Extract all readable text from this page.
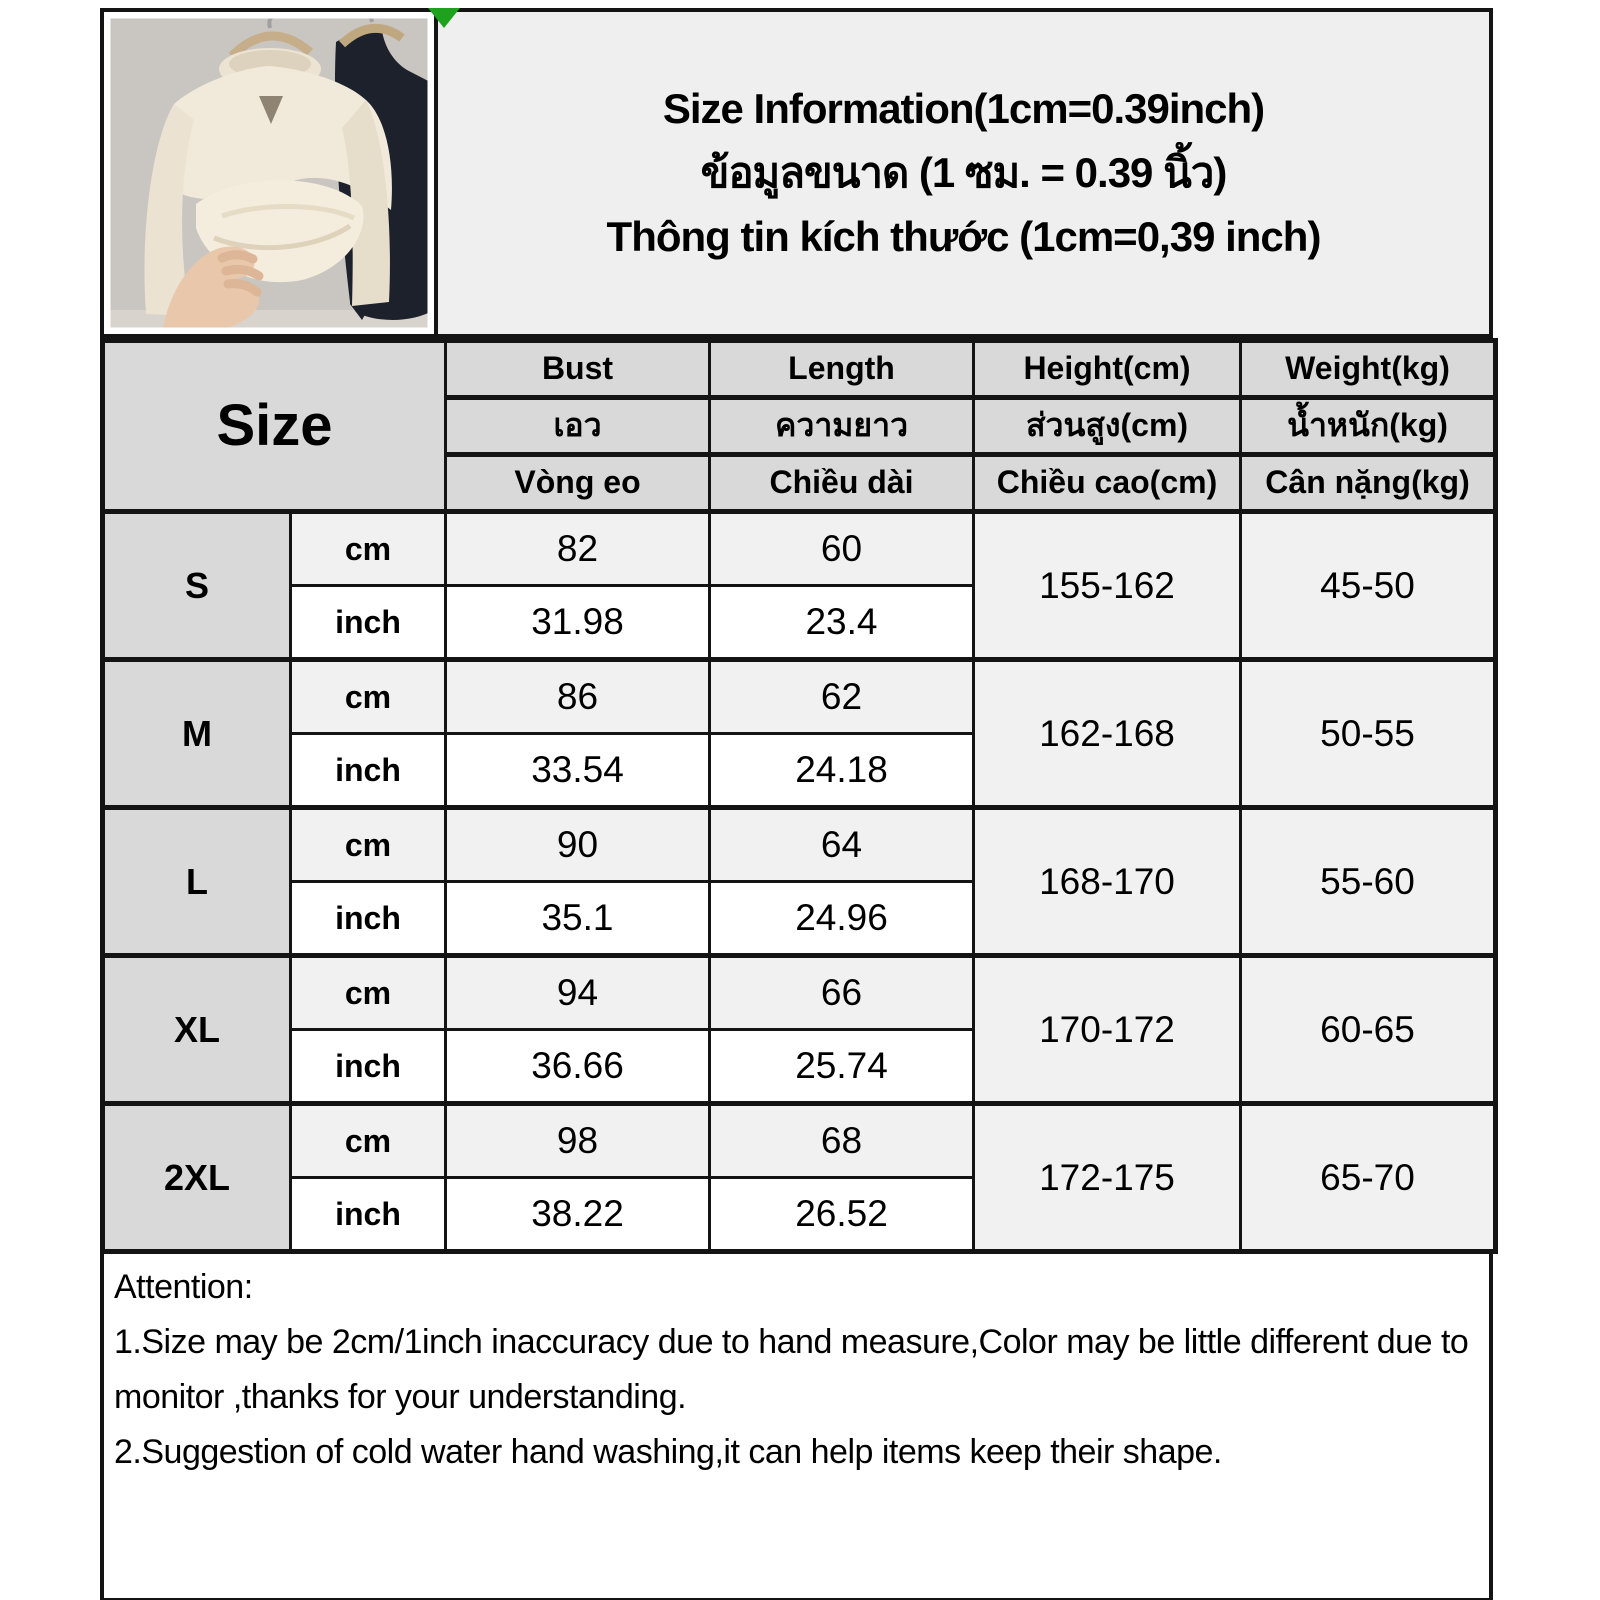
Size Information(1cm=0.39inch)
ข้อมูลขนาด (1 ซม. = 0.39 นิ้ว)
Thông tin kích thước (1cm=0,39 inch)
Size		Bust	Length	Height(cm)	Weight(kg)
		เอว	ความยาว	ส่วนสูง(cm)	น้ำหนัก(kg)
		Vòng eo	Chiều dài	Chiều cao(cm)	Cân nặng(kg)
S	cm	82	60	155-162	45-50
	inch	31.98	23.4		
M	cm	86	62	162-168	50-55
	inch	33.54	24.18		
L	cm	90	64	168-170	55-60
	inch	35.1	24.96		
XL	cm	94	66	170-172	60-65
	inch	36.66	25.74		
2XL	cm	98	68	172-175	65-70
	inch	38.22	26.52		

Attention:

1.Size may be 2cm/1inch inaccuracy due to hand measure,Color may be little different due to monitor ,thanks for your understanding.

2.Suggestion of cold water hand washing,it can help items keep their shape.
